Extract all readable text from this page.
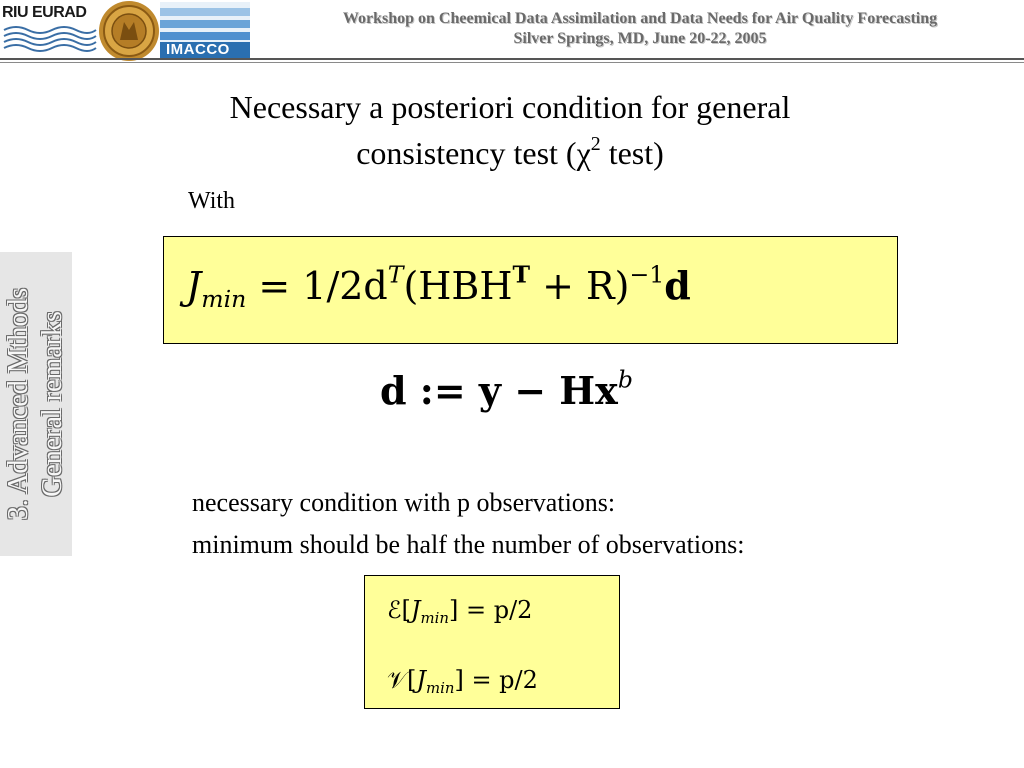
RIU EURAD
IMACCO
Workshop on Cheemical Data Assimilation and Data Needs for Air Quality Forecasting
Silver Springs, MD, June 20-22, 2005
3. Advanced Mthods General remarks
Necessary a posteriori condition for general
consistency test ($\chi^2$ test)
With
$J_{min} = 1/2d^T(HBH^T + R)^{-1}d$
d := $y - Hx^b$
necessary condition with p observations:
minimum should be half the number of observations:
$ℰ[J_{min}] = p/2$
$𝒱[J_{min}] = p/2$
